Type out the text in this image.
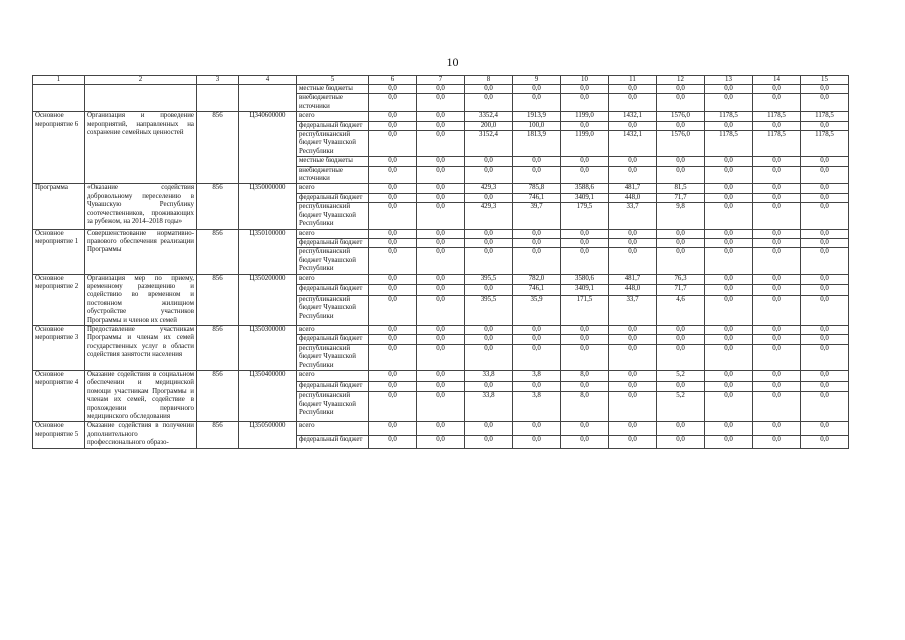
10
1	2	3	4	5	6	7	8	9	10	11	12	13	14	15
				местные бюджеты	0,0	0,0	0,0	0,0	0,0	0,0	0,0	0,0	0,0	0,0
				внебюджетные источники	0,0	0,0	0,0	0,0	0,0	0,0	0,0	0,0	0,0	0,0
Основное мероприятие 6	Организация и проведение мероприятий, направленных на сохранение семейных ценностей	856	Ц340600000	всего	0,0	0,0	3352,4	1913,9	1199,0	1432,1	1576,0	1178,5	1178,5	1178,5
				федеральный бюджет	0,0	0,0	200,0	100,0	0,0	0,0	0,0	0,0	0,0	0,0
				республиканский бюджет Чувашской Республики	0,0	0,0	3152,4	1813,9	1199,0	1432,1	1576,0	1178,5	1178,5	1178,5
				местные бюджеты	0,0	0,0	0,0	0,0	0,0	0,0	0,0	0,0	0,0	0,0
				внебюджетные источники	0,0	0,0	0,0	0,0	0,0	0,0	0,0	0,0	0,0	0,0
Программа	«Оказание содействия добровольному переселению в Чувашскую Республику соотечественников, проживающих за рубежом, на 2014–2018 годы»	856	Ц350000000	всего	0,0	0,0	429,3	785,8	3588,6	481,7	81,5	0,0	0,0	0,0
				федеральный бюджет	0,0	0,0	0,0	746,1	3409,1	448,0	71,7	0,0	0,0	0,0
				республиканский бюджет Чувашской Республики	0,0	0,0	429,3	39,7	179,5	33,7	9,8	0,0	0,0	0,0
Основное мероприятие 1	Совершенствование нормативно-правового обеспечения реализации Программы	856	Ц350100000	всего	0,0	0,0	0,0	0,0	0,0	0,0	0,0	0,0	0,0	0,0
				федеральный бюджет	0,0	0,0	0,0	0,0	0,0	0,0	0,0	0,0	0,0	0,0
				республиканский бюджет Чувашской Республики	0,0	0,0	0,0	0,0	0,0	0,0	0,0	0,0	0,0	0,0
Основное мероприятие 2	Организация мер по приему, временному размещению и содействию во временном и постоянном жилищном обустройстве участников Программы и членов их семей	856	Ц350200000	всего	0,0	0,0	395,5	782,0	3580,6	481,7	76,3	0,0	0,0	0,0
				федеральный бюджет	0,0	0,0	0,0	746,1	3409,1	448,0	71,7	0,0	0,0	0,0
				республиканский бюджет Чувашской Республики	0,0	0,0	395,5	35,9	171,5	33,7	4,6	0,0	0,0	0,0
Основное мероприятие 3	Предоставление участникам Программы и членам их семей государственных услуг в области содействия занятости населения	856	Ц350300000	всего	0,0	0,0	0,0	0,0	0,0	0,0	0,0	0,0	0,0	0,0
				федеральный бюджет	0,0	0,0	0,0	0,0	0,0	0,0	0,0	0,0	0,0	0,0
				республиканский бюджет Чувашской Республики	0,0	0,0	0,0	0,0	0,0	0,0	0,0	0,0	0,0	0,0
Основное мероприятие 4	Оказание содействия в социальном обеспечении и медицинской помощи участникам Программы и членам их семей, содействие в прохождении первичного медицинского обследования	856	Ц350400000	всего	0,0	0,0	33,8	3,8	8,0	0,0	5,2	0,0	0,0	0,0
				федеральный бюджет	0,0	0,0	0,0	0,0	0,0	0,0	0,0	0,0	0,0	0,0
				республиканский бюджет Чувашской Республики	0,0	0,0	33,8	3,8	8,0	0,0	5,2	0,0	0,0	0,0
Основное мероприятие 5	Оказание содействия в получении дополнительного профессионального образо-	856	Ц350500000	всего	0,0	0,0	0,0	0,0	0,0	0,0	0,0	0,0	0,0	0,0
				федеральный бюджет	0,0	0,0	0,0	0,0	0,0	0,0	0,0	0,0	0,0	0,0
